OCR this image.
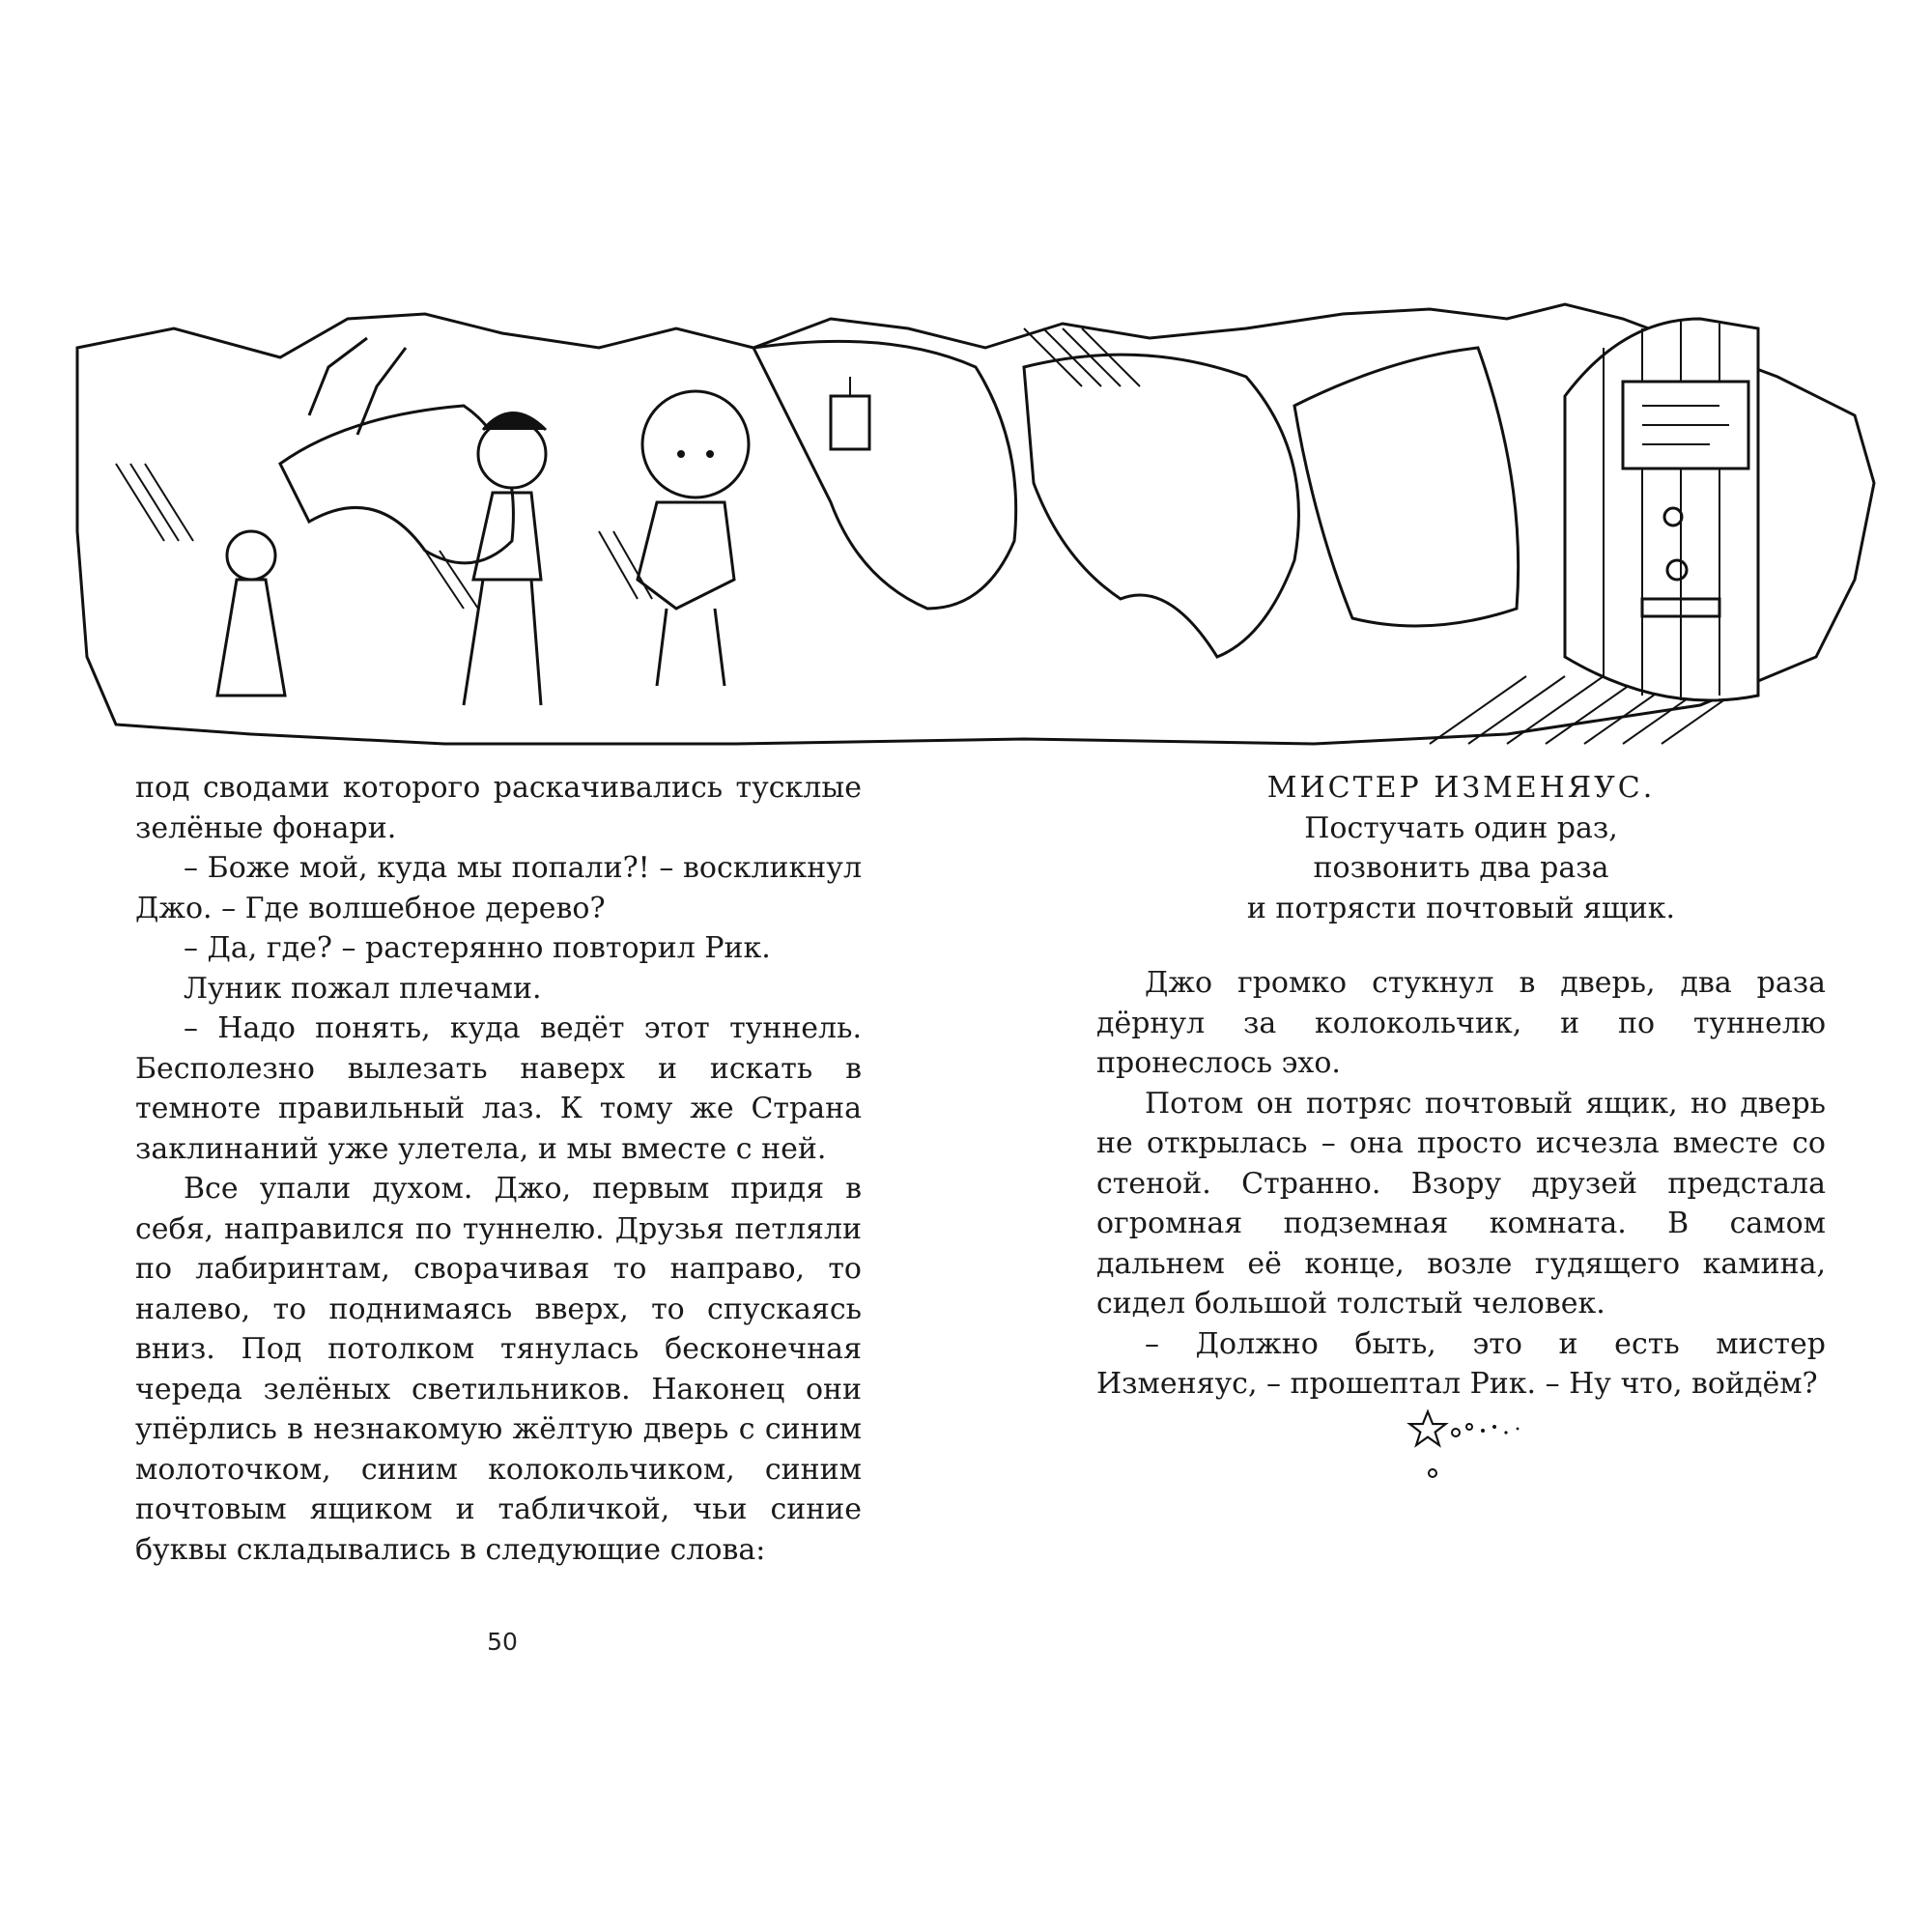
под сводами которого раскачивались тусклые зелёные фонари.

– Боже мой, куда мы попали?! – воскликнул Джо. – Где волшебное дерево?

– Да, где? – растерянно повторил Рик.

Луник пожал плечами.

– Надо понять, куда ведёт этот туннель. Бесполезно вылезать наверх и искать в темноте правильный лаз. К тому же Страна заклинаний уже улетела, и мы вместе с ней.

Все упали духом. Джо, первым придя в себя, направился по туннелю. Друзья петляли по лабиринтам, сворачивая то направо, то налево, то поднимаясь вверх, то спускаясь вниз. Под потолком тянулась бесконечная череда зелёных светильников. Наконец они упёрлись в незнакомую жёлтую дверь с синим молоточком, синим колокольчиком, синим почтовым ящиком и табличкой, чьи синие буквы складывались в следующие слова:

МИСТЕР ИЗМЕНЯУС.
Постучать один раз,
позвонить два раза
и потрясти почтовый ящик.

Джо громко стукнул в дверь, два раза дёрнул за колокольчик, и по туннелю пронеслось эхо.

Потом он потряс почтовый ящик, но дверь не открылась – она просто исчезла вместе со стеной. Странно. Взору друзей предстала огромная подземная комната. В самом дальнем её конце, возле гудящего камина, сидел большой толстый человек.

– Должно быть, это и есть мистер Изменяус, – прошептал Рик. – Ну что, войдём?

50
